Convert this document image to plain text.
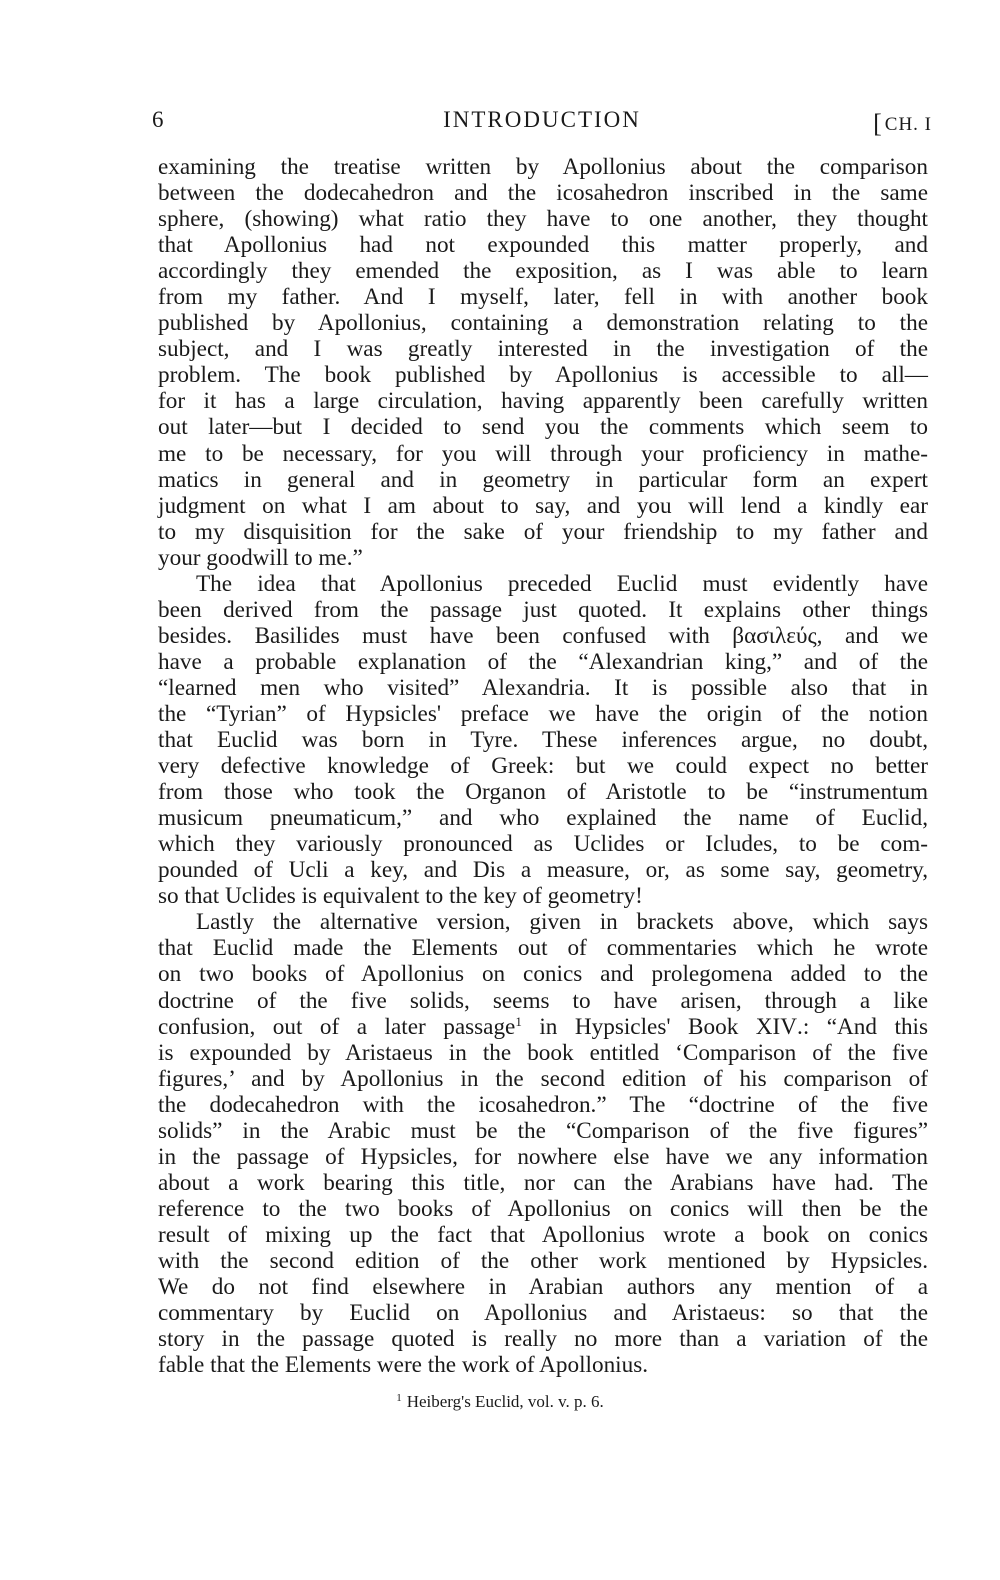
6	INTRODUCTION	[ CH. I

examining the treatise written by Apollonius about the comparison

between the dodecahedron and the icosahedron inscribed in the same

sphere, (showing) what ratio they have to one another, they thought

that Apollonius had not expounded this matter properly, and

accordingly they emended the exposition, as I was able to learn

from my father. And I myself, later, fell in with another book

published by Apollonius, containing a demonstration relating to the

subject, and I was greatly interested in the investigation of the

problem. The book published by Apollonius is accessible to all—

for it has a large circulation, having apparently been carefully written

out later—but I decided to send you the comments which seem to

me to be necessary, for you will through your proficiency in mathe-

matics in general and in geometry in particular form an expert

judgment on what I am about to say, and you will lend a kindly ear

to my disquisition for the sake of your friendship to my father and

your goodwill to me.”

The idea that Apollonius preceded Euclid must evidently have

been derived from the passage just quoted. It explains other things

besides. Basilides must have been confused with βασιλεύς, and we

have a probable explanation of the “Alexandrian king,” and of the

“learned men who visited” Alexandria. It is possible also that in

the “Tyrian” of Hypsicles' preface we have the origin of the notion

that Euclid was born in Tyre. These inferences argue, no doubt,

very defective knowledge of Greek: but we could expect no better

from those who took the Organon of Aristotle to be “instrumentum

musicum pneumaticum,” and who explained the name of Euclid,

which they variously pronounced as Uclides or Icludes, to be com-

pounded of Ucli a key, and Dis a measure, or, as some say, geometry,

so that Uclides is equivalent to the key of geometry!

Lastly the alternative version, given in brackets above, which says

that Euclid made the Elements out of commentaries which he wrote

on two books of Apollonius on conics and prolegomena added to the

doctrine of the five solids, seems to have arisen, through a like

confusion, out of a later passage$^1$ in Hypsicles' Book XIV.: “And this

is expounded by Aristaeus in the book entitled ‘Comparison of the five

figures,’ and by Apollonius in the second edition of his comparison of

the dodecahedron with the icosahedron.” The “doctrine of the five

solids” in the Arabic must be the “Comparison of the five figures”

in the passage of Hypsicles, for nowhere else have we any information

about a work bearing this title, nor can the Arabians have had. The

reference to the two books of Apollonius on conics will then be the

result of mixing up the fact that Apollonius wrote a book on conics

with the second edition of the other work mentioned by Hypsicles.

We do not find elsewhere in Arabian authors any mention of a

commentary by Euclid on Apollonius and Aristaeus: so that the

story in the passage quoted is really no more than a variation of the

fable that the Elements were the work of Apollonius.

$^1$ Heiberg's Euclid, vol. v. p. 6.
